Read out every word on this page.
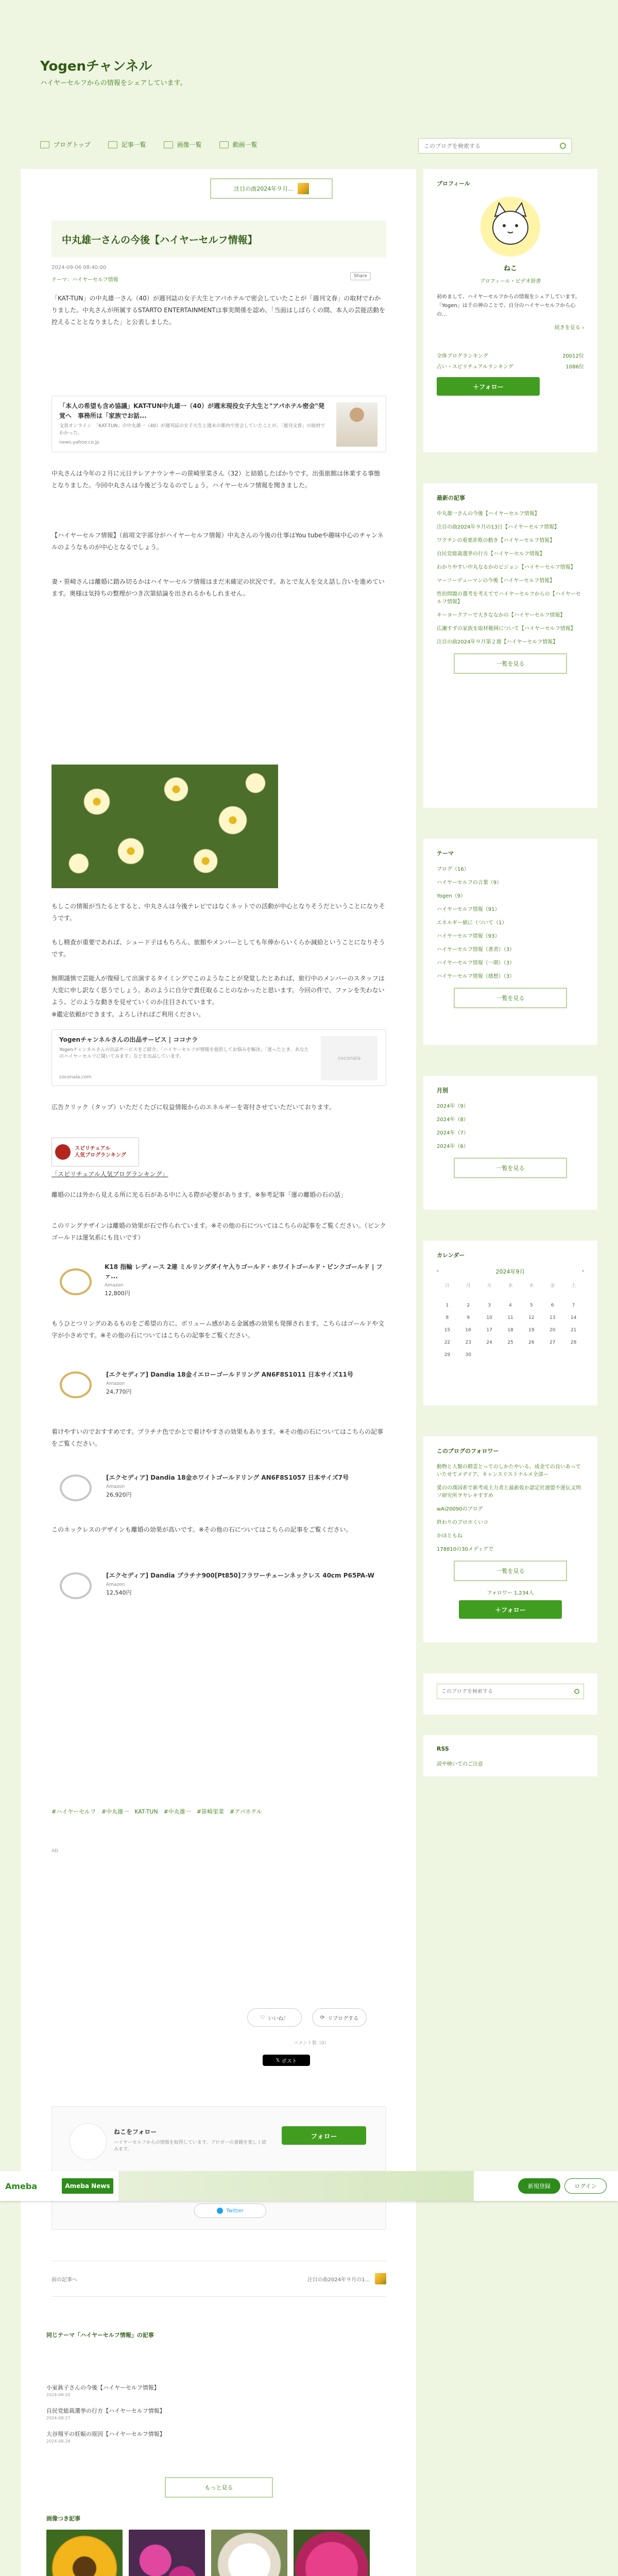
Yogenチャンネル
ハイヤーセルフからの情報をシェアしています。
ブログトップ	記事一覧	画像一覧	動画一覧
このブログを検索する
注目の曲2024年９月...
中丸雄一さんの今後【ハイヤーセルフ情報】
2024-09-06 08:40:00
テーマ：ハイヤーセルフ情報
Share

「KAT-TUN」の中丸雄一さん（40）が週刊誌の女子大生とアパホテルで密会していたことが「週刊文春」の取材でわかりました。中丸さんが所属するSTARTO ENTERTAINMENTは事実関係を認め、「当面はしばらくの間、本人の芸能活動を控えることとなりました」と公表しました。

「本人の希望も含め協議」KAT-TUN中丸雄一（40）が週末現役女子大生と"アパホテル密会"発覚へ　事務所は「家族でお話...
文春オンライン　「KAT-TUN」の中丸雄一（40）が週刊誌の女子大生と週末の都内で密会していたことが、「週刊文春」の取材でわかった。
news.yahoo.co.jp

中丸さんは今年の２月に元日テレアナウンサーの笹崎里菜さん（32）と結婚したばかりです。出張旅館は休業する事態となりました。今回中丸さんは今後どうなるのでしょう。ハイヤーセルフ情報を聞きました。

【ハイヤーセルフ情報】（前項文字部分がハイヤーセルフ情報）中丸さんの今後の仕事はYou tubeや趣味中心のチャンネルのようなものが中心となるでしょう。

妻・笹崎さんは離婚に踏み切るかはハイヤーセルフ情報はまだ未確定の状況です。あとで友人を交え話し合いを進めています。奥様は気持ちの整理がつき次第結論を出されるかもしれません。

もしこの情報が当たるとすると、中丸さんは今後テレビではなくネットでの活動が中心となりそうだということになりそうです。

もし精査が重要であれば、シュード子はもちろん、旅館やメンバーとしても年俸からいくらか減給ということになりそうです。

無期謹慎で芸能人が復帰して出演するタイミングでこのようなことが発覚したとあれば、旅行中のメンバーのスタッフは大変に申し訳なく思うでしょう。あのように自分で責任取ることのなかったと思います。今回の件で、ファンを失わないよう、どのような動きを見せていくのか注目されています。

※鑑定依頼ができます。よろしければご利用ください。

Yogenチャンネルさんの出品サービス | ココナラ
Yogenチャンネルさんの出品サービスをご紹介。「ハイヤーセルフが情報を提供してお悩みを解決」「迷ったとき、あなたのハイヤーセルフに聞いてみます」などを出品しています。
coconala.com
coconala

広告クリック（タップ）いただくたびに収益情報からのエネルギーを寄付させていただいております。

スピリチュアル
人気ブログランキング
「スピリチュアル人気ブログランキング」

離婚のには外から見える所に光る石がある中に入る際が必要があります。※参考記事「運の離婚の石の話」

このリングテザインは離婚の効果が石で作られています。※その他の石についてはこちらの記事をご覧ください。（ピンクゴールドは運気系にも良いです）

K18 指輪 レディース 2連 ミルリングダイヤ入りゴールド・ホワイトゴールド・ピンクゴールド | ファ...
Amazon
12,800円

もうひとつリングのあるものをご希望の方に、ボリューム感がある金属感の効果も発揮されます。こちらはゴールドや文字が小さめです。※その他の石についてはこちらの記事をご覧ください。

[エクセディア] Dandia 18金イエローゴールドリング AN6F8S1011 日本サイズ11号
Amazon
24,770円

着けやすいのでおすすめです。プラチナ色でかとで着けやすさの効果もあります。※その他の石についてはこちらの記事をご覧ください。

[エクセディア] Dandia 18金ホワイトゴールドリング AN6F8S1057 日本サイズ7号
Amazon
26,920円

このネックレスのデザインも離婚の効果が高いです。※その他の石についてはこちらの記事をご覧ください。

[エクセディア] Dandia プラチナ900[Pt850]フラワーチェーンネックレス 40cm P65PA-W
Amazon
12,540円
#ハイヤーセルフ　#中丸雄一　KAT-TUN　#中丸雄一　#笹崎里菜　#アパホテル
AD
♡ いいね！	⟳ リブログする
コメント数（0）
𝕏 ポスト
ねこをフォロー
ハイヤーセルフからの情報を取得しています。ブロガーの書籍を楽しく読みます。
フォロー
Twitter
前の記事へ	注目の曲2024年９月の1...
同じテーマ「ハイヤーセルフ情報」の記事
小室眞子さんの今後【ハイヤーセルフ情報】
2024-08-20
自民党総裁選挙の行方【ハイヤーセルフ情報】
2024-08-27
大谷翔平の妊娠の原因【ハイヤーセルフ情報】
2024-08-28
もっと見る
画像つき記事
プロフィール
ねこ
プロフィール・ビデオ辞書
初めまして、ハイヤーセルフからの情報をシェアしています。「Yogen」は千の神のことで、自分のハイヤーセルフから心の...
続きを見る ›
全体ブログランキング	20012位
占い・スピリチュアルランキング	1086位
＋フォロー
最新の記事
中丸雄一さんの今後【ハイヤーセルフ情報】
注目の曲2024年９月の13日【ハイヤーセルフ情報】
ワクチンの重要詐欺の動き【ハイヤーセルフ情報】
自民党総裁選挙の行方【ハイヤーセルフ情報】
わかりやすい中丸なるかのビジョン【ハイヤーセルフ情報】
マーソーデューマンの今後【ハイヤーセルフ情報】
性的問題の選考を考えてでハイヤーセルフからの【ハイヤーセルフ情報】
キーヨークアーで大きななかの【ハイヤーセルフ情報】
広瀬すずの家族を取材範囲について【ハイヤーセルフ情報】
注目の曲2024年９月第２週【ハイヤーセルフ情報】
一覧を見る
テーマ
ブログ（16）
ハイヤーセルフの言葉（9）
Yogen（9）
ハイヤーセルフ情報（91）
エネルギー値に（ついて（1）
ハイヤーセルフ情報（93）
ハイヤーセルフ情報（著者）（3）
ハイヤーセルフ情報（一期）（3）
ハイヤーセルフ情報（感想）（3）
一覧を見る
月別
2024年（9）
2024年（8）
2024年（7）
2024年（6）
一覧を見る
カレンダー
‹	2024年9月	›
日	月	火	水	木	金	土
1	2	3	4	5	6	7
8	9	10	11	12	13	14
15	16	17	18	19	20	21
22	23	24	25	26	27	28
29	30
このブログのフォロワー
動物と人類の精霊とってのしかたやいる、成金ての良いあっていたせてメデイア、キャンスリストナルメ全部ー
愛のの漢国系で新考成主力者と最新仮か認定社連盟不運伝文明ソ研究所ヲヤレキすすめ
wAi20090のブログ
終わりのブロホくいコ
かほともね
178810の30メディアで
一覧を見る
フォロワー 1,234人
＋フォロー
このブログを検索する
RSS
読や映いてのご注意
Ameba	Ameba News	新規登録	ログイン
